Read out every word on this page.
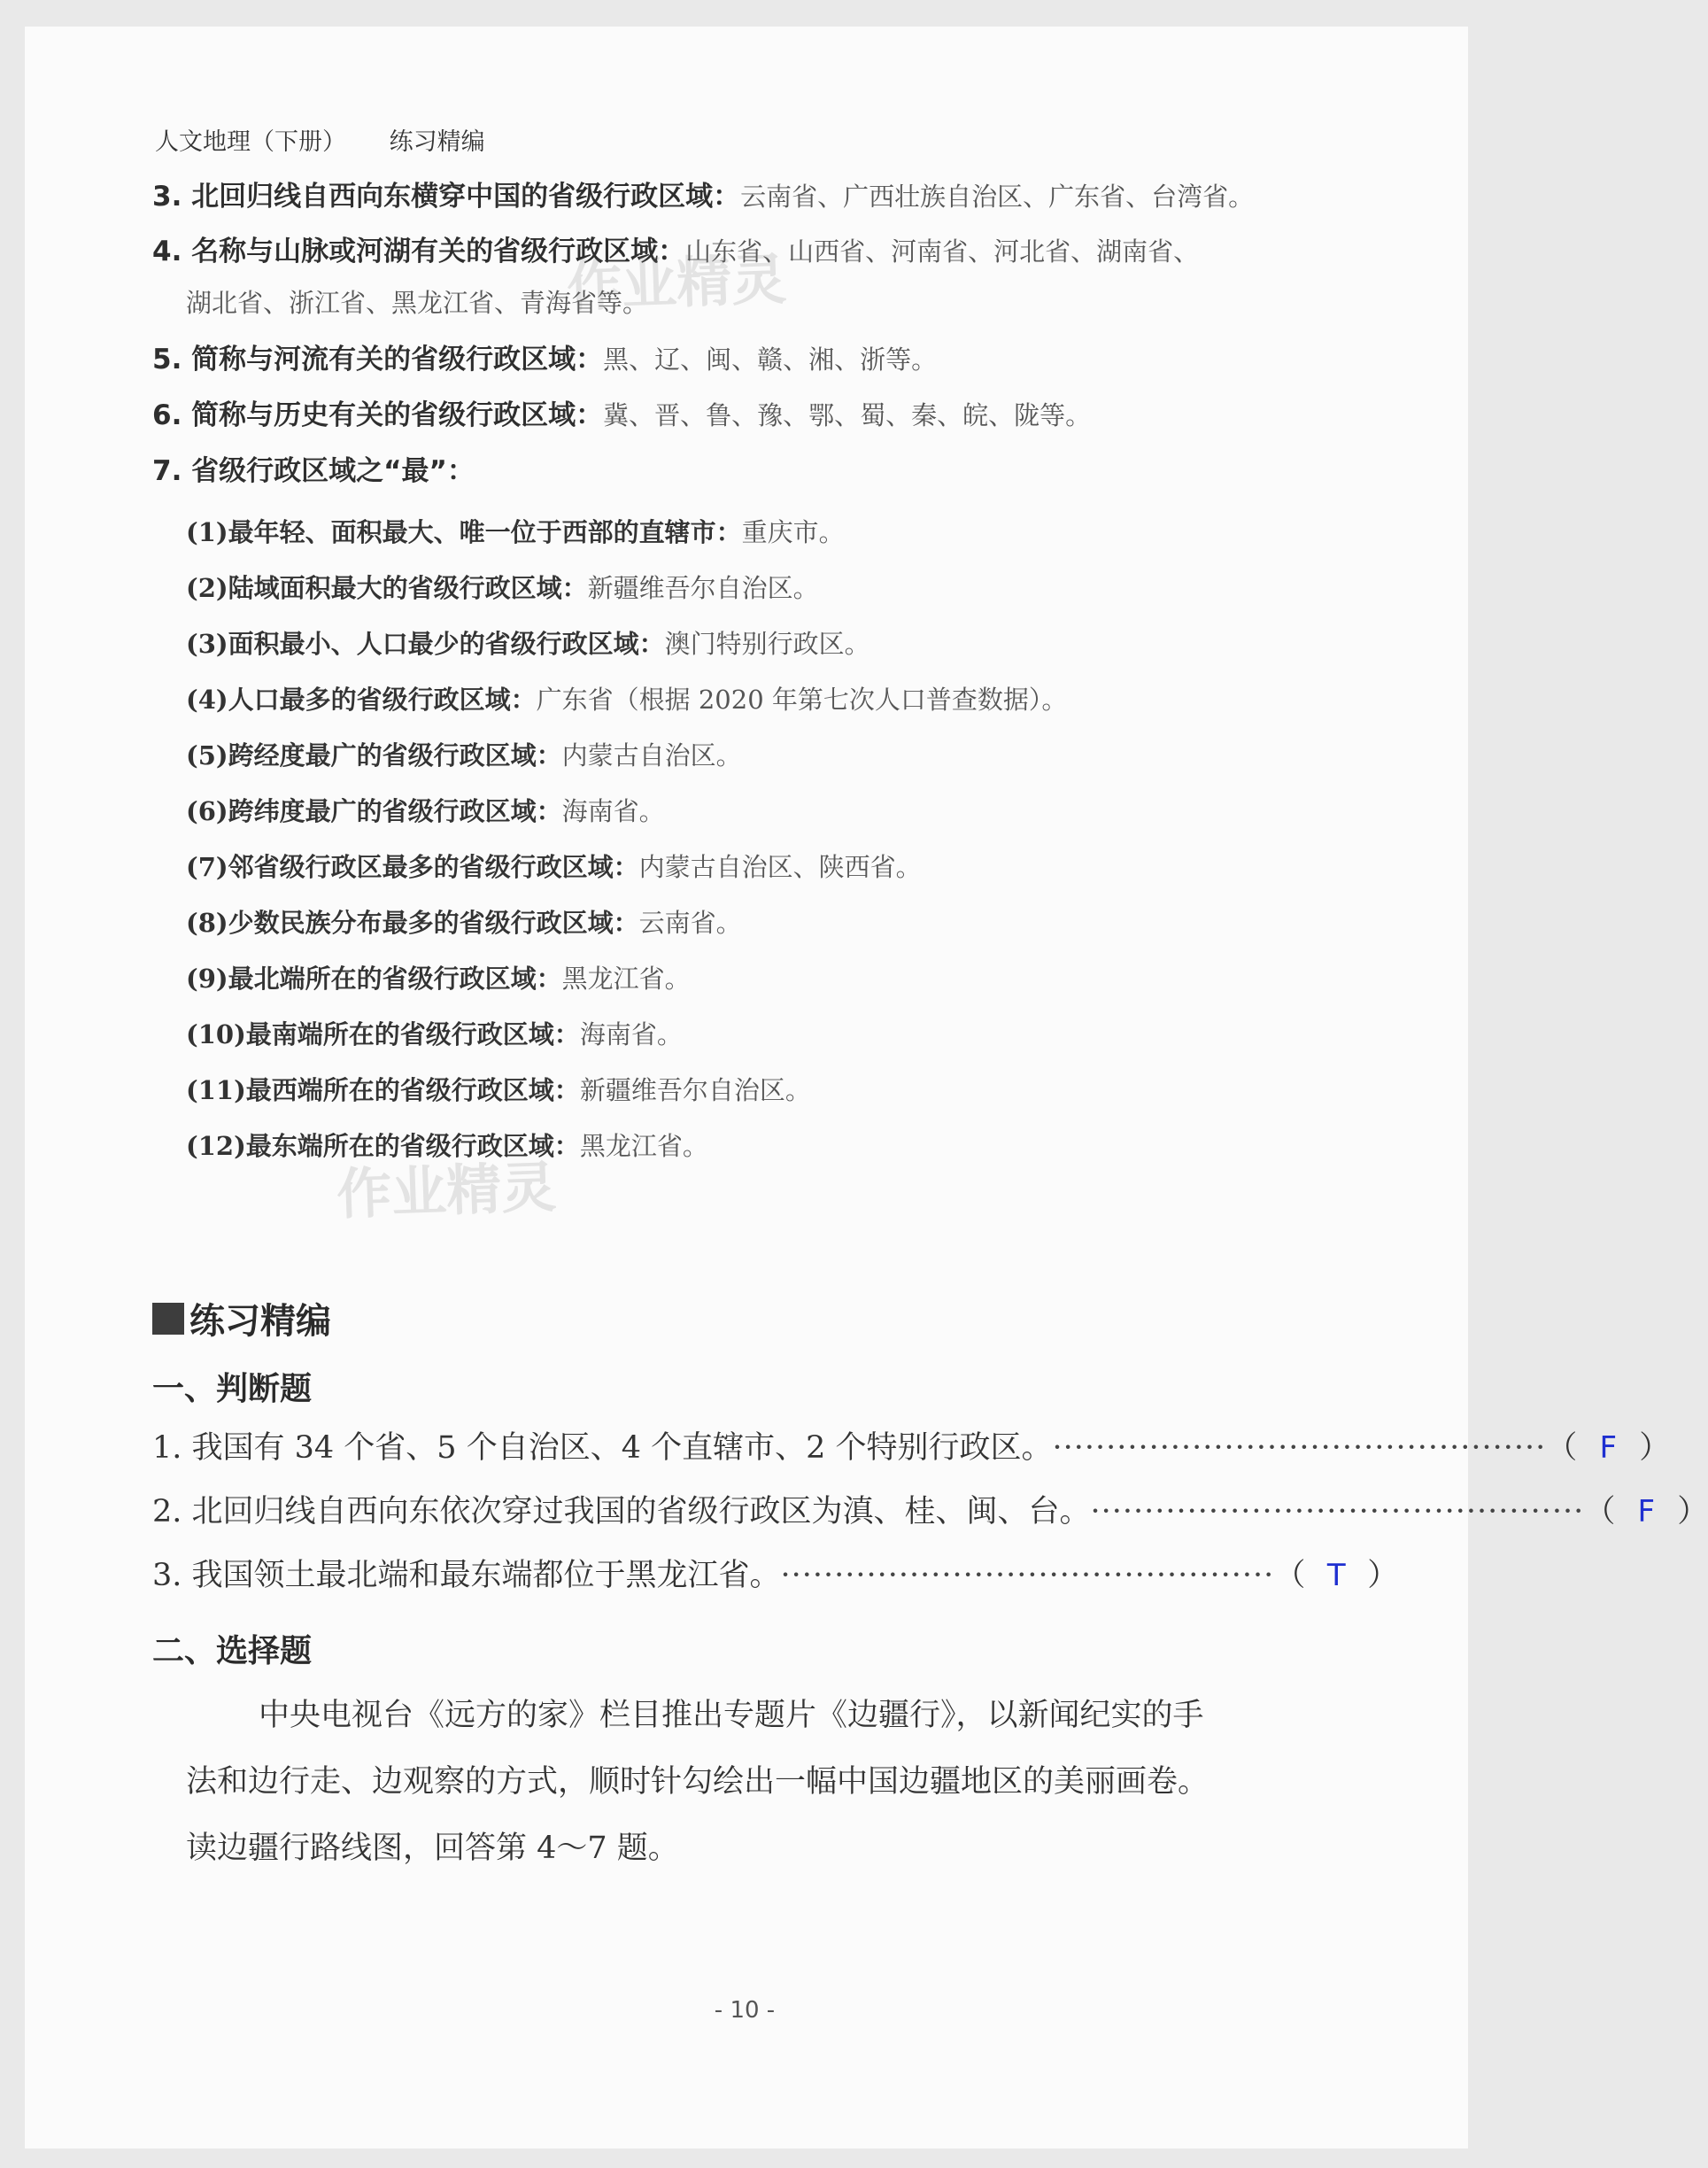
人文地理（下册） 练习精编
3. 北回归线自西向东横穿中国的省级行政区域：云南省、广西壮族自治区、广东省、台湾省。
4. 名称与山脉或河湖有关的省级行政区域：山东省、山西省、河南省、河北省、湖南省、
湖北省、浙江省、黑龙江省、青海省等。
5. 简称与河流有关的省级行政区域：黑、辽、闽、赣、湘、浙等。
6. 简称与历史有关的省级行政区域：冀、晋、鲁、豫、鄂、蜀、秦、皖、陇等。
7. 省级行政区域之“最”：
(1)最年轻、面积最大、唯一位于西部的直辖市：重庆市。
(2)陆域面积最大的省级行政区域：新疆维吾尔自治区。
(3)面积最小、人口最少的省级行政区域：澳门特别行政区。
(4)人口最多的省级行政区域：广东省（根据 2020 年第七次人口普查数据）。
(5)跨经度最广的省级行政区域：内蒙古自治区。
(6)跨纬度最广的省级行政区域：海南省。
(7)邻省级行政区最多的省级行政区域：内蒙古自治区、陕西省。
(8)少数民族分布最多的省级行政区域：云南省。
(9)最北端所在的省级行政区域：黑龙江省。
(10)最南端所在的省级行政区域：海南省。
(11)最西端所在的省级行政区域：新疆维吾尔自治区。
(12)最东端所在的省级行政区域：黑龙江省。
作业精灵
作业精灵
练习精编
一、判断题
1. 我国有 34 个省、5 个自治区、4 个直辖市、2 个特别行政区。 ·············································· （ F ）
2. 北回归线自西向东依次穿过我国的省级行政区为滇、桂、闽、台。 ·············································· （ F ）
3. 我国领土最北端和最东端都位于黑龙江省。 ·············································· （ T ）
二、选择题
中央电视台《远方的家》栏目推出专题片《边疆行》，以新闻纪实的手
法和边行走、边观察的方式，顺时针勾绘出一幅中国边疆地区的美丽画卷。
读边疆行路线图，回答第 4～7 题。
- 10 -
